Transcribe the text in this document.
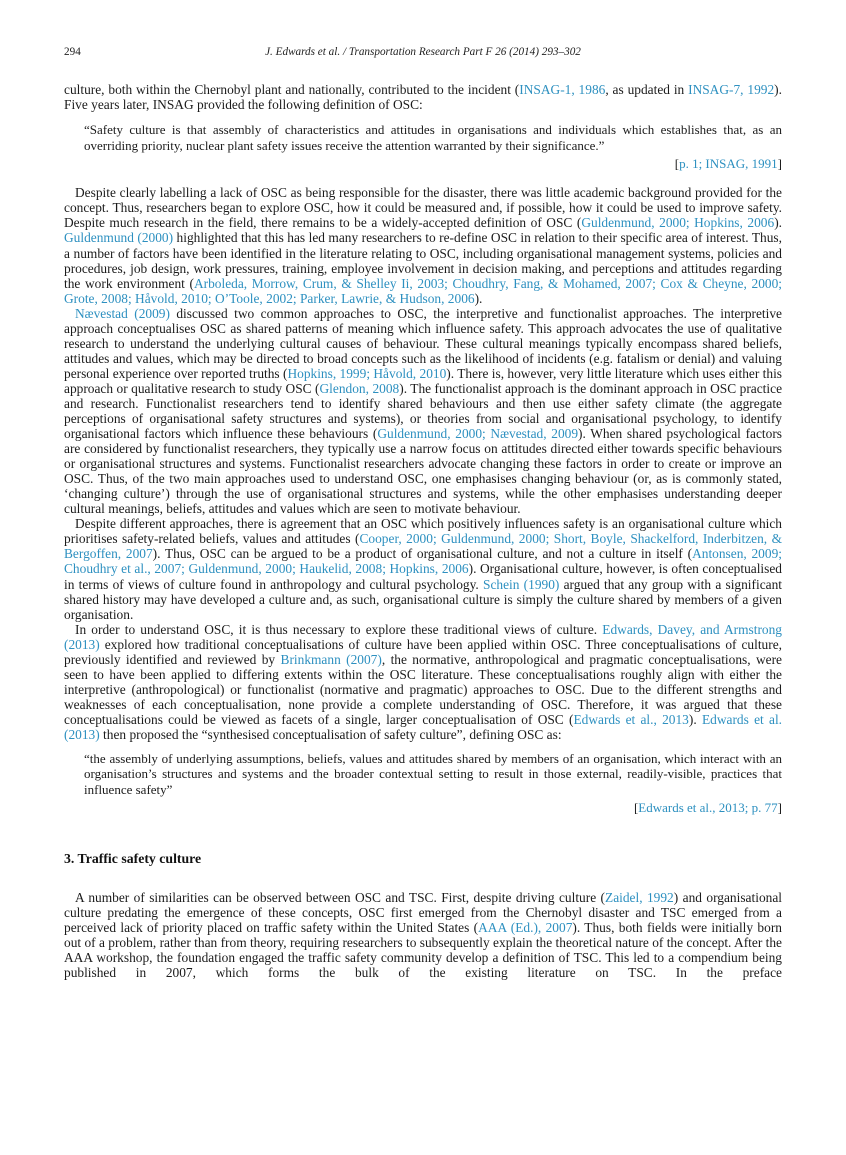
294	J. Edwards et al. / Transportation Research Part F 26 (2014) 293–302

culture, both within the Chernobyl plant and nationally, contributed to the incident (INSAG-1, 1986, as updated in INSAG-7, 1992). Five years later, INSAG provided the following definition of OSC:

“Safety culture is that assembly of characteristics and attitudes in organisations and individuals which establishes that, as an overriding priority, nuclear plant safety issues receive the attention warranted by their significance.”
[p. 1; INSAG, 1991]

Despite clearly labelling a lack of OSC as being responsible for the disaster, there was little academic background provided for the concept. Thus, researchers began to explore OSC, how it could be measured and, if possible, how it could be used to improve safety. Despite much research in the field, there remains to be a widely-accepted definition of OSC (Guldenmund, 2000; Hopkins, 2006). Guldenmund (2000) highlighted that this has led many researchers to re-define OSC in relation to their specific area of interest. Thus, a number of factors have been identified in the literature relating to OSC, including organisational management systems, policies and procedures, job design, work pressures, training, employee involvement in decision making, and perceptions and attitudes regarding the work environment (Arboleda, Morrow, Crum, & Shelley Ii, 2003; Choudhry, Fang, & Mohamed, 2007; Cox & Cheyne, 2000; Grote, 2008; Håvold, 2010; O’Toole, 2002; Parker, Lawrie, & Hudson, 2006).

Nævestad (2009) discussed two common approaches to OSC, the interpretive and functionalist approaches. The interpretive approach conceptualises OSC as shared patterns of meaning which influence safety. This approach advocates the use of qualitative research to understand the underlying cultural causes of behaviour. These cultural meanings typically encompass shared beliefs, attitudes and values, which may be directed to broad concepts such as the likelihood of incidents (e.g. fatalism or denial) and valuing personal experience over reported truths (Hopkins, 1999; Håvold, 2010). There is, however, very little literature which uses either this approach or qualitative research to study OSC (Glendon, 2008). The functionalist approach is the dominant approach in OSC practice and research. Functionalist researchers tend to identify shared behaviours and then use either safety climate (the aggregate perceptions of organisational safety structures and systems), or theories from social and organisational psychology, to identify organisational factors which influence these behaviours (Guldenmund, 2000; Nævestad, 2009). When shared psychological factors are considered by functionalist researchers, they typically use a narrow focus on attitudes directed either towards specific behaviours or organisational structures and systems. Functionalist researchers advocate changing these factors in order to create or improve an OSC. Thus, of the two main approaches used to understand OSC, one emphasises changing behaviour (or, as is commonly stated, ‘changing culture’) through the use of organisational structures and systems, while the other emphasises understanding deeper cultural meanings, beliefs, attitudes and values which are seen to motivate behaviour.

Despite different approaches, there is agreement that an OSC which positively influences safety is an organisational culture which prioritises safety-related beliefs, values and attitudes (Cooper, 2000; Guldenmund, 2000; Short, Boyle, Shackelford, Inderbitzen, & Bergoffen, 2007). Thus, OSC can be argued to be a product of organisational culture, and not a culture in itself (Antonsen, 2009; Choudhry et al., 2007; Guldenmund, 2000; Haukelid, 2008; Hopkins, 2006). Organisational culture, however, is often conceptualised in terms of views of culture found in anthropology and cultural psychology. Schein (1990) argued that any group with a significant shared history may have developed a culture and, as such, organisational culture is simply the culture shared by members of a given organisation.

In order to understand OSC, it is thus necessary to explore these traditional views of culture. Edwards, Davey, and Armstrong (2013) explored how traditional conceptualisations of culture have been applied within OSC. Three conceptualisations of culture, previously identified and reviewed by Brinkmann (2007), the normative, anthropological and pragmatic conceptualisations, were seen to have been applied to differing extents within the OSC literature. These conceptualisations roughly align with either the interpretive (anthropological) or functionalist (normative and pragmatic) approaches to OSC. Due to the different strengths and weaknesses of each conceptualisation, none provide a complete understanding of OSC. Therefore, it was argued that these conceptualisations could be viewed as facets of a single, larger conceptualisation of OSC (Edwards et al., 2013). Edwards et al. (2013) then proposed the “synthesised conceptualisation of safety culture”, defining OSC as:

“the assembly of underlying assumptions, beliefs, values and attitudes shared by members of an organisation, which interact with an organisation’s structures and systems and the broader contextual setting to result in those external, readily-visible, practices that influence safety”
[Edwards et al., 2013; p. 77]
3. Traffic safety culture

A number of similarities can be observed between OSC and TSC. First, despite driving culture (Zaidel, 1992) and organisational culture predating the emergence of these concepts, OSC first emerged from the Chernobyl disaster and TSC emerged from a perceived lack of priority placed on traffic safety within the United States (AAA (Ed.), 2007). Thus, both fields were initially born out of a problem, rather than from theory, requiring researchers to subsequently explain the theoretical nature of the concept. After the AAA workshop, the foundation engaged the traffic safety community develop a definition of TSC. This led to a compendium being published in 2007, which forms the bulk of the existing literature on TSC. In the preface
